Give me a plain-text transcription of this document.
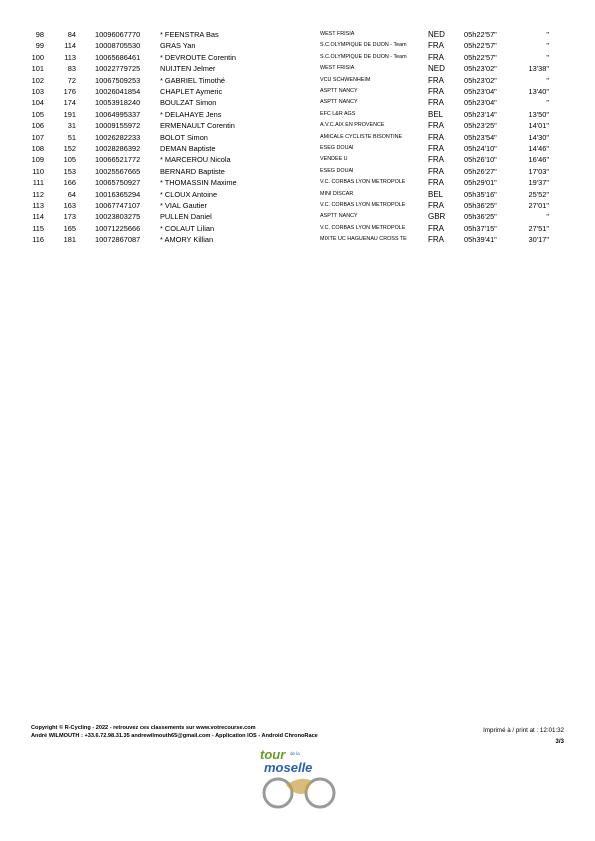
98	84	10096067770	* FEENSTRA Bas	WEST FRISIA	NED	05h22'57"	"
99	114	10008705530	GRAS Yan	S.C.OLYMPIQUE DE DIJON - Team	FRA	05h22'57"	"
100	113	10065686461	* DEVROUTE Corentin	S.C.OLYMPIQUE DE DIJON - Team	FRA	05h22'57"	"
101	83	10022779725	NUIJTEN Jelmer	WEST FRISIA	NED	05h23'02"	13'38"
102	72	10067509253	* GABRIEL Timothé	VCU SCHWENHEIM	FRA	05h23'02"	"
103	176	10026041854	CHAPLET Aymeric	ASPTT NANCY	FRA	05h23'04"	13'40"
104	174	10053918240	BOULZAT Simon	ASPTT NANCY	FRA	05h23'04"	"
105	191	10064995337	* DELAHAYE Jens	EFC L&R AGS	BEL	05h23'14"	13'50"
106	31	10009155972	ERMENAULT Corentin	A.V.C.AIX EN PROVENCE	FRA	05h23'25"	14'01"
107	51	10026282233	BOLOT Simon	AMICALE CYCLISTE BISONTINE	FRA	05h23'54"	14'30"
108	152	10028286392	DEMAN Baptiste	ESEG DOUAI	FRA	05h24'10"	14'46"
109	105	10066521772	* MARCEROU Nicola	VENDEE U	FRA	05h26'10"	16'46"
110	153	10025567665	BERNARD Baptiste	ESEG DOUAI	FRA	05h26'27"	17'03"
111	166	10065750927	* THOMASSIN Maxime	V.C. CORBAS LYON METROPOLE	FRA	05h29'01"	19'37"
112	64	10016365294	* CLOUX Antoine	MINI DISCAR	BEL	05h35'16"	25'52"
113	163	10067747107	* VIAL Gautier	V.C. CORBAS LYON METROPOLE	FRA	05h36'25"	27'01"
114	173	10023803275	PULLEN Daniel	ASPTT NANCY	GBR	05h36'25"	"
115	165	10071225666	* COLAUT Lilian	V.C. CORBAS LYON METROPOLE	FRA	05h37'15"	27'51"
116	181	10072867087	* AMORY Killian	MIXTE UC HAGUENAU CROSS TE	FRA	05h39'41"	30'17"
Copyright © R-Cycling - 2022 - retrouvez ces classements sur www.votrecourse.com
André WILMOUTH : +33.6.72.98.31.35 andrewilmouth65@gmail.com - Application IOS - Android ChronoRace
Imprimé à / print at : 12:01:32
3/3
tour de la
moselle
